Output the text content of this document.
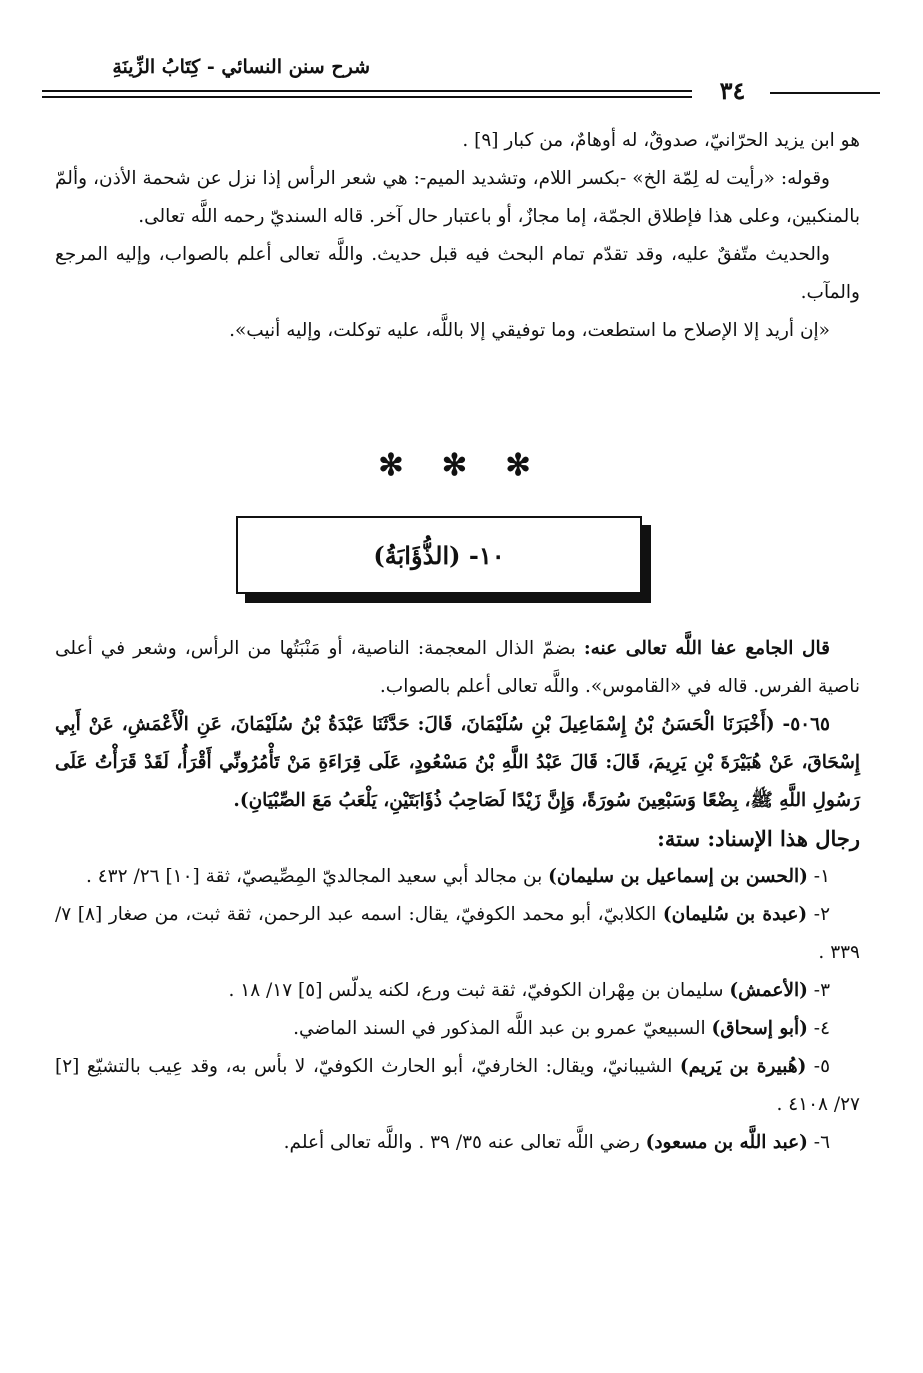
شرح سنن النسائي - كِتَابُ الزِّينَةِ
٣٤

هو ابن يزيد الحرّانيّ، صدوقٌ، له أوهامٌ، من كبار [٩] .

وقوله: «رأيت له لِمّة الخ» -بكسر اللام، وتشديد الميم-: هي شعر الرأس إذا نزل عن شحمة الأذن، وألمّ بالمنكبين، وعلى هذا فإطلاق الجمّة، إما مجازٌ، أو باعتبار حال آخر. قاله السنديّ رحمه اللَّه تعالى.

والحديث متّفقٌ عليه، وقد تقدّم تمام البحث فيه قبل حديث. واللَّه تعالى أعلم بالصواب، وإليه المرجع والمآب.

«إن أريد إلا الإصلاح ما استطعت، وما توفيقي إلا باللَّه، عليه توكلت، وإليه أنيب».

✻ ✻ ✻
١٠- (الذُّؤَابَةُ)

قال الجامع عفا اللَّه تعالى عنه: بضمّ الذال المعجمة: الناصية، أو مَنْبَتُها من الرأس، وشعر في أعلى ناصية الفرس. قاله في «القاموس». واللَّه تعالى أعلم بالصواب.

٥٠٦٥- (أَخْبَرَنَا الْحَسَنُ بْنُ إِسْمَاعِيلَ بْنِ سُلَيْمَانَ، قَالَ: حَدَّثَنَا عَبْدَةُ بْنُ سُلَيْمَانَ، عَنِ الْأَعْمَشِ، عَنْ أَبِي إِسْحَاقَ، عَنْ هُبَيْرَةَ بْنِ يَرِيمَ، قَالَ: قَالَ عَبْدُ اللَّهِ بْنُ مَسْعُودٍ، عَلَى قِرَاءَةِ مَنْ تَأْمُرُونِّي أَقْرَأُ، لَقَدْ قَرَأْتُ عَلَى رَسُولِ اللَّهِ ﷺ، بِضْعًا وَسَبْعِينَ سُورَةً، وَإِنَّ زَيْدًا لَصَاحِبُ ذُؤَابَتَيْنِ، يَلْعَبُ مَعَ الصِّبْيَانِ).

رجال هذا الإسناد: ستة:

١- (الحسن بن إسماعيل بن سليمان) بن مجالد أبي سعيد المجالديّ المِصِّيصيّ، ثقة [١٠] ٢٦/ ٤٣٢ .

٢- (عبدة بن سُليمان) الكلابيّ، أبو محمد الكوفيّ، يقال: اسمه عبد الرحمن، ثقة ثبت، من صغار [٨] ٧/ ٣٣٩ .

٣- (الأعمش) سليمان بن مِهْران الكوفيّ، ثقة ثبت ورع، لكنه يدلّس [٥] ١٧/ ١٨ .

٤- (أبو إسحاق) السبيعيّ عمرو بن عبد اللَّه المذكور في السند الماضي.

٥- (هُبيرة بن يَريم) الشيبانيّ، ويقال: الخارفيّ، أبو الحارث الكوفيّ، لا بأس به، وقد عِيب بالتشيّع [٢] ٢٧/ ٤١٠٨ .

٦- (عبد اللَّه بن مسعود) رضي اللَّه تعالى عنه ٣٥/ ٣٩ . واللَّه تعالى أعلم.
